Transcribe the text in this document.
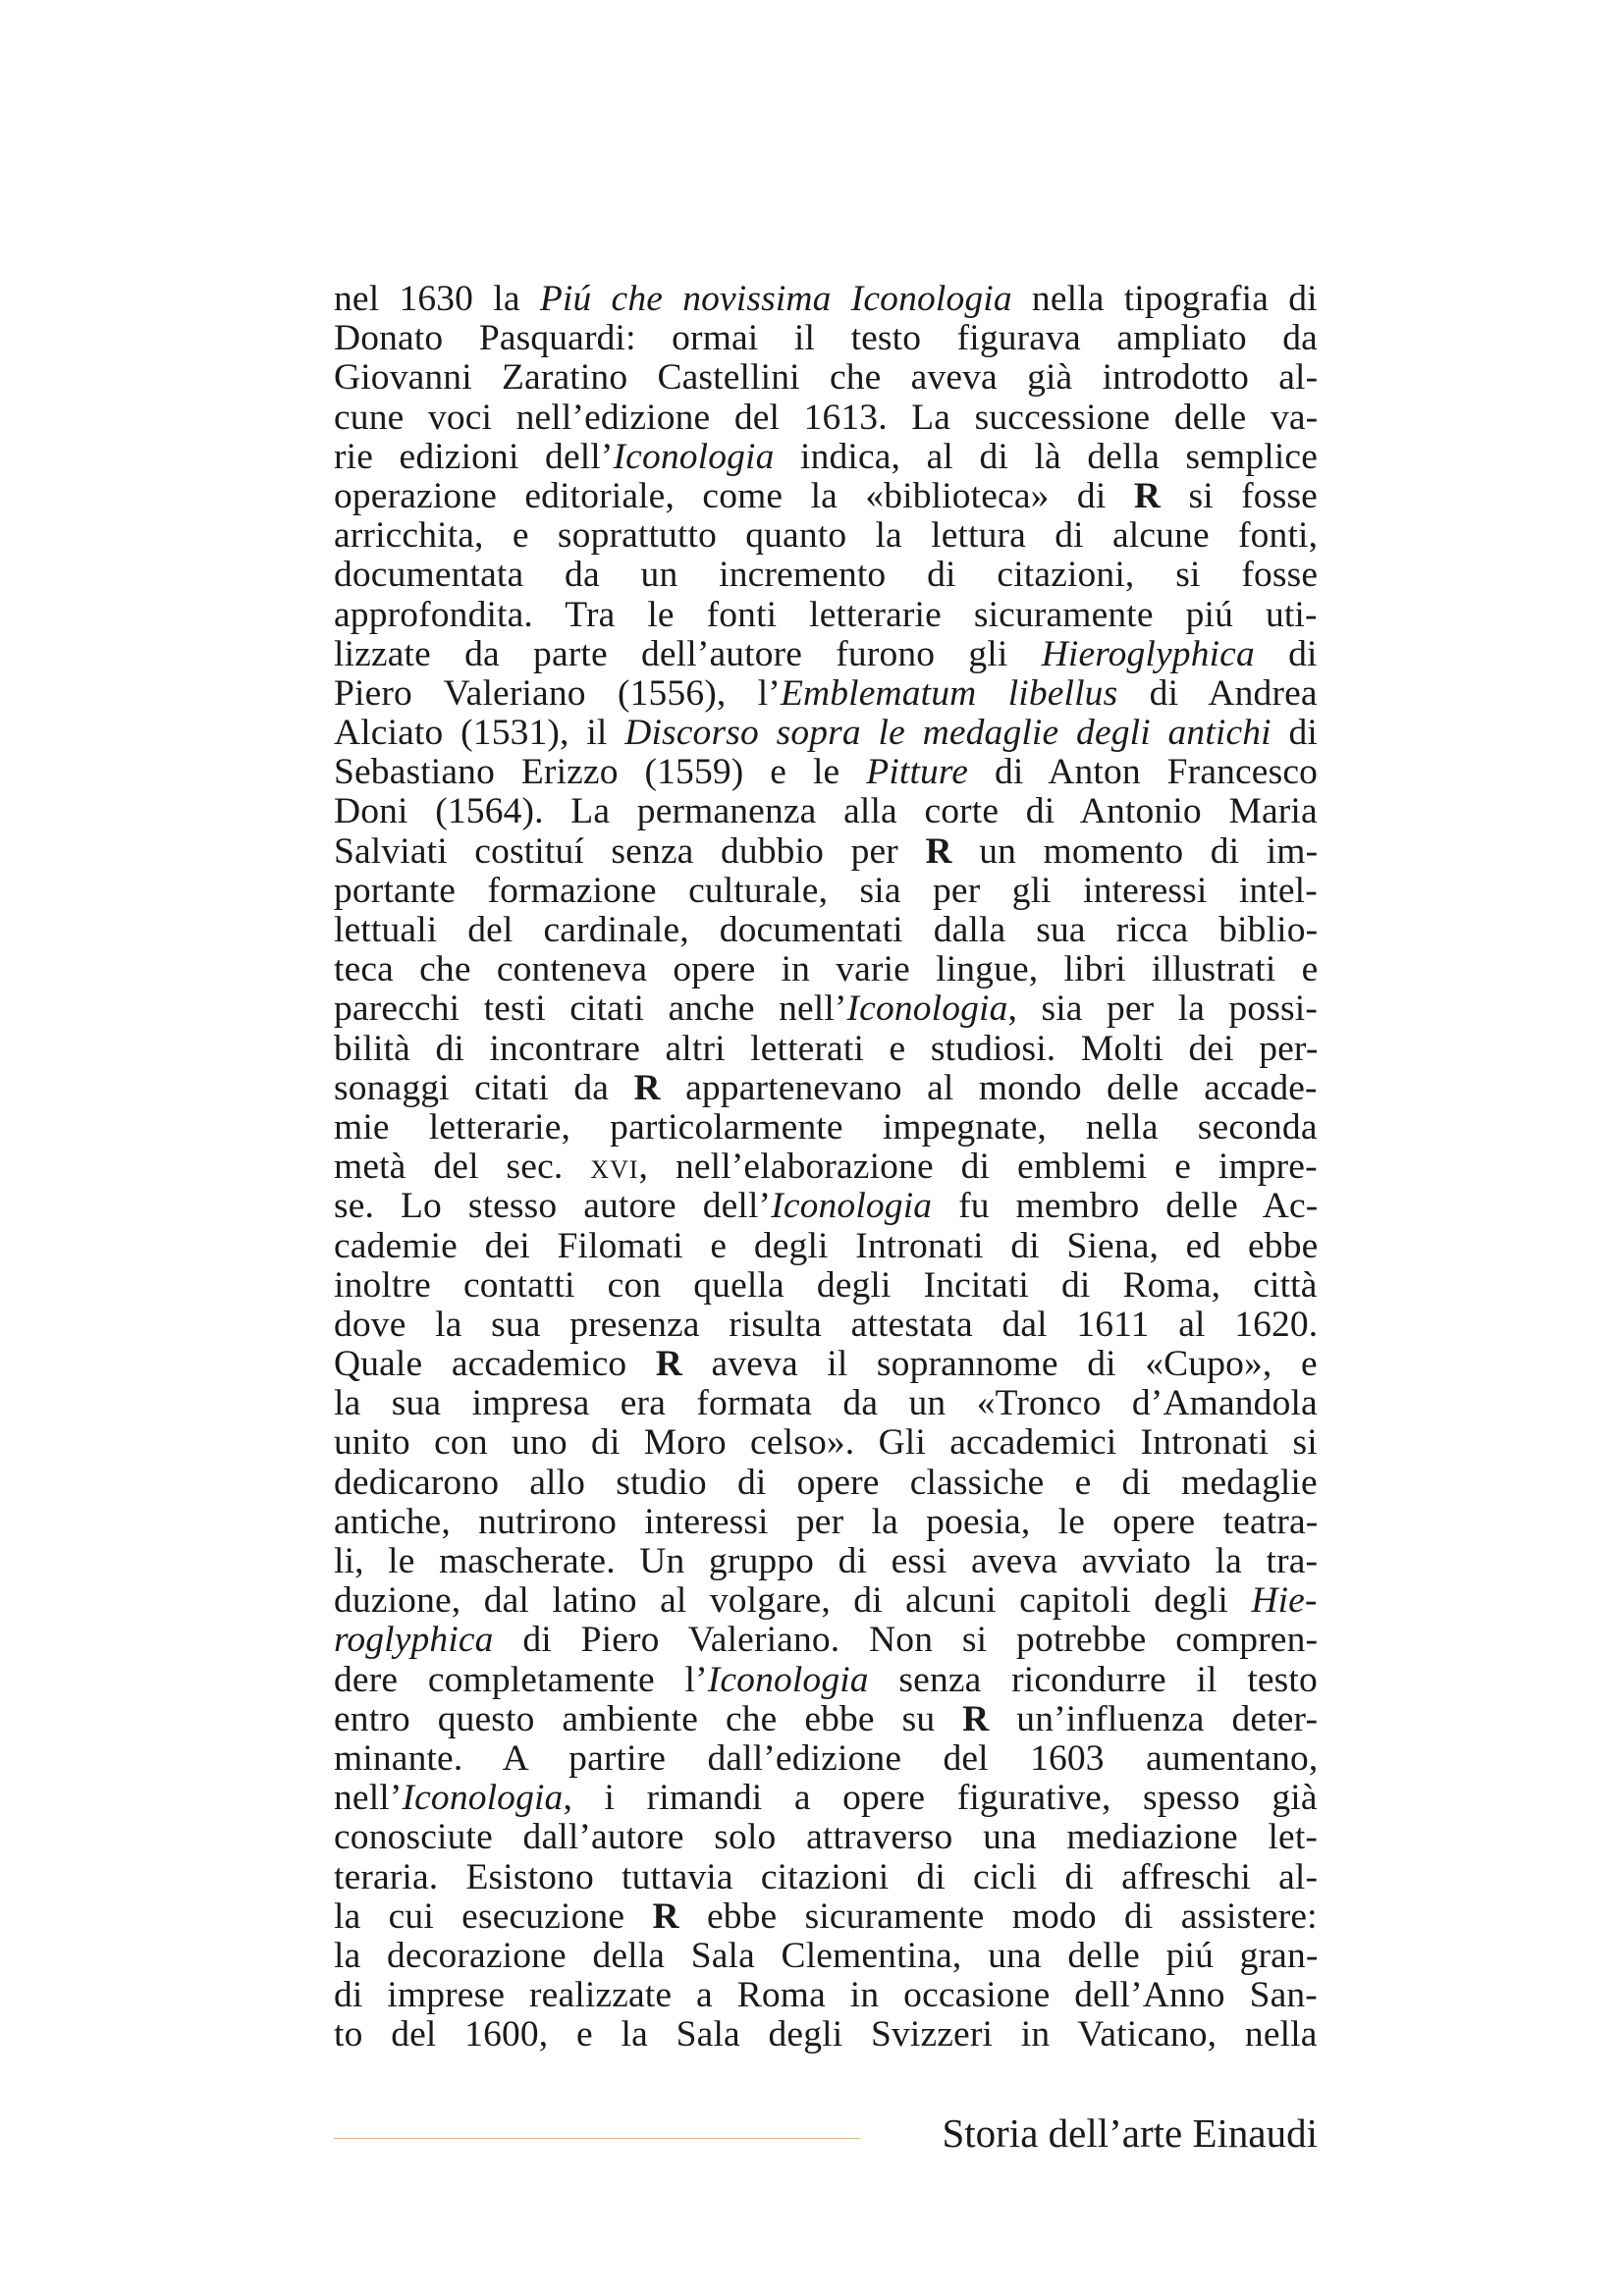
nel 1630 la Piú che novissima Iconologia nella tipografia di
Donato Pasquardi: ormai il testo figurava ampliato da
Giovanni Zaratino Castellini che aveva già introdotto al-
cune voci nell’edizione del 1613. La successione delle va-
rie edizioni dell’Iconologia indica, al di là della semplice
operazione editoriale, come la «biblioteca» di R si fosse
arricchita, e soprattutto quanto la lettura di alcune fonti,
documentata da un incremento di citazioni, si fosse
approfondita. Tra le fonti letterarie sicuramente piú uti-
lizzate da parte dell’autore furono gli Hieroglyphica di
Piero Valeriano (1556), l’Emblematum libellus di Andrea
Alciato (1531), il Discorso sopra le medaglie degli antichi di
Sebastiano Erizzo (1559) e le Pitture di Anton Francesco
Doni (1564). La permanenza alla corte di Antonio Maria
Salviati costituí senza dubbio per R un momento di im-
portante formazione culturale, sia per gli interessi intel-
lettuali del cardinale, documentati dalla sua ricca biblio-
teca che conteneva opere in varie lingue, libri illustrati e
parecchi testi citati anche nell’Iconologia, sia per la possi-
bilità di incontrare altri letterati e studiosi. Molti dei per-
sonaggi citati da R appartenevano al mondo delle accade-
mie letterarie, particolarmente impegnate, nella seconda
metà del sec. xvi, nell’elaborazione di emblemi e impre-
se. Lo stesso autore dell’Iconologia fu membro delle Ac-
cademie dei Filomati e degli Intronati di Siena, ed ebbe
inoltre contatti con quella degli Incitati di Roma, città
dove la sua presenza risulta attestata dal 1611 al 1620.
Quale accademico R aveva il soprannome di «Cupo», e
la sua impresa era formata da un «Tronco d’Amandola
unito con uno di Moro celso». Gli accademici Intronati si
dedicarono allo studio di opere classiche e di medaglie
antiche, nutrirono interessi per la poesia, le opere teatra-
li, le mascherate. Un gruppo di essi aveva avviato la tra-
duzione, dal latino al volgare, di alcuni capitoli degli Hie-
roglyphica di Piero Valeriano. Non si potrebbe compren-
dere completamente l’Iconologia senza ricondurre il testo
entro questo ambiente che ebbe su R un’influenza deter-
minante. A partire dall’edizione del 1603 aumentano,
nell’Iconologia, i rimandi a opere figurative, spesso già
conosciute dall’autore solo attraverso una mediazione let-
teraria. Esistono tuttavia citazioni di cicli di affreschi al-
la cui esecuzione R ebbe sicuramente modo di assistere:
la decorazione della Sala Clementina, una delle piú gran-
di imprese realizzate a Roma in occasione dell’Anno San-
to del 1600, e la Sala degli Svizzeri in Vaticano, nella
Storia dell’arte Einaudi
